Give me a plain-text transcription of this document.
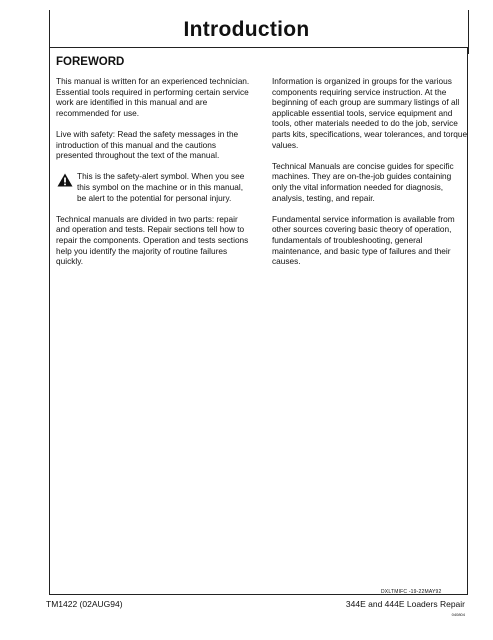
Introduction
FOREWORD

This manual is written for an experienced technician. Essential tools required in performing certain service work are identified in this manual and are recommended for use.

Live with safety: Read the safety messages in the introduction of this manual and the cautions presented throughout the text of the manual.

This is the safety-alert symbol. When you see this symbol on the machine or in this manual, be alert to the potential for personal injury.

Technical manuals are divided in two parts: repair and operation and tests. Repair sections tell how to repair the components. Operation and tests sections help you identify the majority of routine failures quickly.

Information is organized in groups for the various components requiring service instruction. At the beginning of each group are summary listings of all applicable essential tools, service equipment and tools, other materials needed to do the job, service parts kits, specifications, wear tolerances, and torque values.

Technical Manuals are concise guides for specific machines. They are on-the-job guides containing only the vital information needed for diagnosis, analysis, testing, and repair.

Fundamental service information is available from other sources covering basic theory of operation, fundamentals of troubleshooting, general maintenance, and basic type of failures and their causes.

DXLTMIFC -19-22MAY92
TM1422 (02AUG94)	344E and 444E Loaders Repair
040804
